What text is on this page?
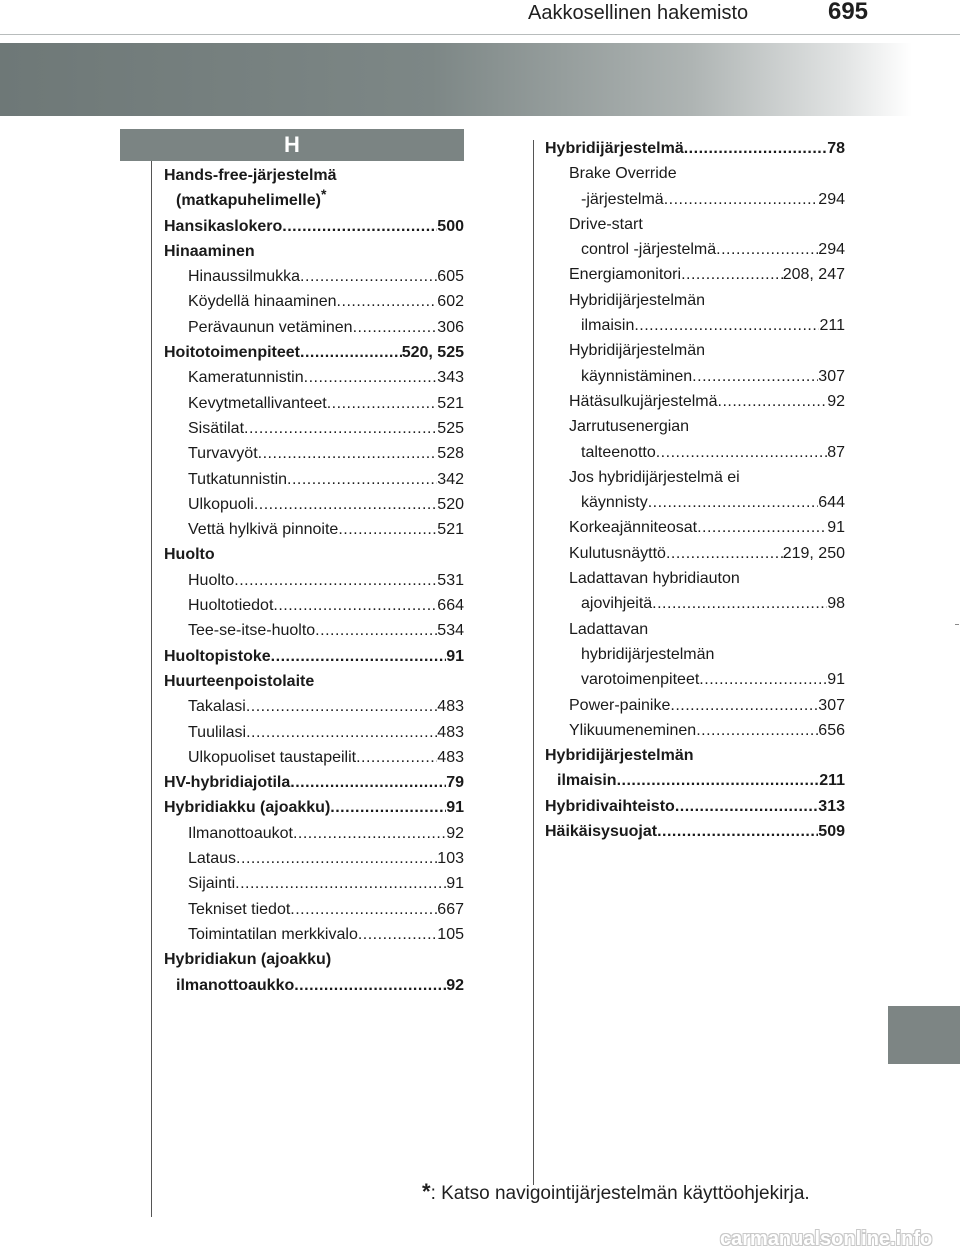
Aakkosellinen hakemisto	695
H
Hands-free-järjestelmä
(matkapuhelimelle)*
Hansikaslokero .....	500
Hinaaminen
Hinaussilmukka .....	605
Köydellä hinaaminen .....	602
Perävaunun vetäminen .....	306
Hoitotoimenpiteet .....	520, 525
Kameratunnistin .....	343
Kevytmetallivanteet .....	521
Sisätilat .....	525
Turvavyöt .....	528
Tutkatunnistin .....	342
Ulkopuoli .....	520
Vettä hylkivä pinnoite .....	521
Huolto
Huolto .....	531
Huoltotiedot .....	664
Tee-se-itse-huolto .....	534
Huoltopistoke .....	91
Huurteenpoistolaite
Takalasi .....	483
Tuulilasi .....	483
Ulkopuoliset taustapeilit .....	483
HV-hybridiajotila .....	79
Hybridiakku (ajoakku) .....	91
Ilmanottoaukot .....	92
Lataus .....	103
Sijainti .....	91
Tekniset tiedot .....	667
Toimintatilan merkkivalo .....	105
Hybridiakun (ajoakku)
ilmanottoaukko .....	92
Hybridijärjestelmä .....	78
Brake Override
-järjestelmä .....	294
Drive-start
control -järjestelmä .....	294
Energiamonitori .....	208, 247
Hybridijärjestelmän
ilmaisin .....	211
Hybridijärjestelmän
käynnistäminen .....	307
Hätäsulkujärjestelmä .....	92
Jarrutusenergian
talteenotto .....	87
Jos hybridijärjestelmä ei
käynnisty .....	644
Korkeajänniteosat .....	91
Kulutusnäyttö .....	219, 250
Ladattavan hybridiauton
ajovihjeitä .....	98
Ladattavan
hybridijärjestelmän
varotoimenpiteet .....	91
Power-painike .....	307
Ylikuumeneminen .....	656
Hybridijärjestelmän
ilmaisin .....	211
Hybridivaihteisto .....	313
Häikäisysuojat .....	509
*: Katso navigointijärjestelmän käyttöohjekirja.
carmanualsonline.info
